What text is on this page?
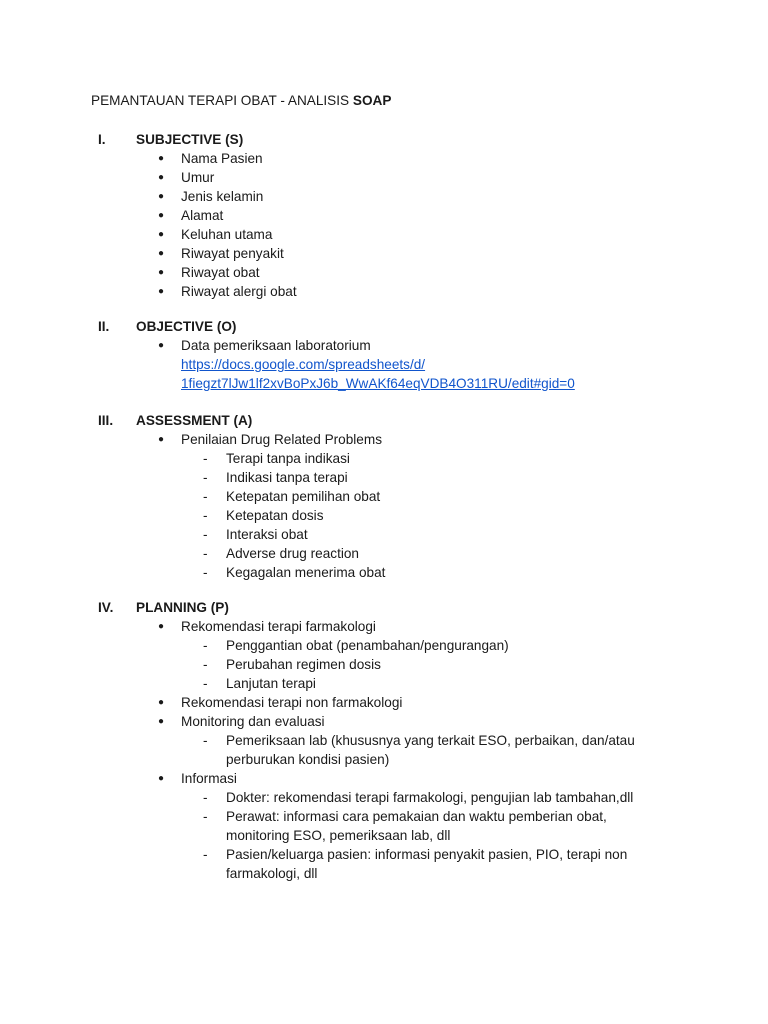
PEMANTAUAN TERAPI OBAT - ANALISIS SOAP
I.	SUBJECTIVE (S)
● Nama Pasien
● Umur
● Jenis kelamin
● Alamat
● Keluhan utama
● Riwayat penyakit
● Riwayat obat
● Riwayat alergi obat
II.	OBJECTIVE (O)
● Data pemeriksaan laboratorium
https://docs.google.com/spreadsheets/d/
1fiegzt7lJw1lf2xvBoPxJ6b_WwAKf64eqVDB4O311RU/edit#gid=0
III.	ASSESSMENT (A)
● Penilaian Drug Related Problems
- Terapi tanpa indikasi
- Indikasi tanpa terapi
- Ketepatan pemilihan obat
- Ketepatan dosis
- Interaksi obat
- Adverse drug reaction
- Kegagalan menerima obat
IV.	PLANNING (P)
● Rekomendasi terapi farmakologi
- Penggantian obat (penambahan/pengurangan)
- Perubahan regimen dosis
- Lanjutan terapi
● Rekomendasi terapi non farmakologi
● Monitoring dan evaluasi
- Pemeriksaan lab (khususnya yang terkait ESO, perbaikan, dan/atau
perburukan kondisi pasien)
● Informasi
- Dokter: rekomendasi terapi farmakologi, pengujian lab tambahan,dll
- Perawat: informasi cara pemakaian dan waktu pemberian obat,
monitoring ESO, pemeriksaan lab, dll
- Pasien/keluarga pasien: informasi penyakit pasien, PIO, terapi non
farmakologi, dll
